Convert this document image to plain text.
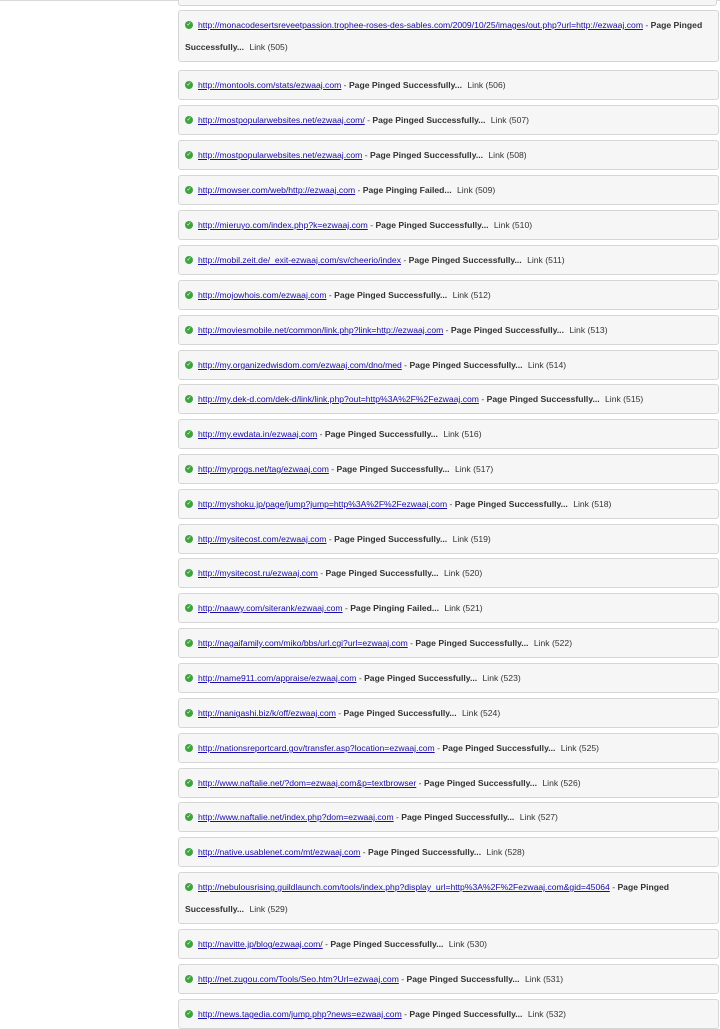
✓ http://monacodesertsreveetpassion.trophee-roses-des-sables.com/2009/10/25/images/out.php?url=http://ezwaaj.com - Page Pinged Successfully... Link (505)
✓ http://montools.com/stats/ezwaaj.com - Page Pinged Successfully... Link (506)
✓ http://mostpopularwebsites.net/ezwaaj.com/ - Page Pinged Successfully... Link (507)
✓ http://mostpopularwebsites.net/ezwaaj.com - Page Pinged Successfully... Link (508)
✓ http://mowser.com/web/http://ezwaaj.com - Page Pinging Failed... Link (509)
✓ http://mieruyo.com/index.php?k=ezwaaj.com - Page Pinged Successfully... Link (510)
✓ http://mobil.zeit.de/_exit-ezwaaj.com/sv/cheerio/index - Page Pinged Successfully... Link (511)
✓ http://mojowhois.com/ezwaaj.com - Page Pinged Successfully... Link (512)
✓ http://moviesmobile.net/common/link.php?link=http://ezwaaj.com - Page Pinged Successfully... Link (513)
✓ http://my.organizedwisdom.com/ezwaaj.com/dno/med - Page Pinged Successfully... Link (514)
✓ http://my.dek-d.com/dek-d/link/link.php?out=http%3A%2F%2Fezwaaj.com - Page Pinged Successfully... Link (515)
✓ http://my.ewdata.in/ezwaaj.com - Page Pinged Successfully... Link (516)
✓ http://myprogs.net/tag/ezwaaj.com - Page Pinged Successfully... Link (517)
✓ http://myshoku.jp/page/jump?jump=http%3A%2F%2Fezwaaj.com - Page Pinged Successfully... Link (518)
✓ http://mysitecost.com/ezwaaj.com - Page Pinged Successfully... Link (519)
✓ http://mysitecost.ru/ezwaaj.com - Page Pinged Successfully... Link (520)
✓ http://naawy.com/siterank/ezwaaj.com - Page Pinging Failed... Link (521)
✓ http://nagaifamily.com/miko/bbs/url.cgi?url=ezwaaj.com - Page Pinged Successfully... Link (522)
✓ http://name911.com/appraise/ezwaaj.com - Page Pinged Successfully... Link (523)
✓ http://nanigashi.biz/k/off/ezwaaj.com - Page Pinged Successfully... Link (524)
✓ http://nationsreportcard.gov/transfer.asp?location=ezwaaj.com - Page Pinged Successfully... Link (525)
✓ http://www.naftalie.net/?dom=ezwaaj.com&p=textbrowser - Page Pinged Successfully... Link (526)
✓ http://www.naftalie.net/index.php?dom=ezwaaj.com - Page Pinged Successfully... Link (527)
✓ http://native.usablenet.com/mt/ezwaaj.com - Page Pinged Successfully... Link (528)
✓ http://nebulousrising.guildlaunch.com/tools/index.php?display_url=http%3A%2F%2Fezwaaj.com&gid=45064 - Page Pinged Successfully... Link (529)
✓ http://navitte.jp/blog/ezwaaj.com/ - Page Pinged Successfully... Link (530)
✓ http://net.zugou.com/Tools/Seo.htm?Url=ezwaaj.com - Page Pinged Successfully... Link (531)
✓ http://news.tagedia.com/jump.php?news=ezwaaj.com - Page Pinged Successfully... Link (532)
